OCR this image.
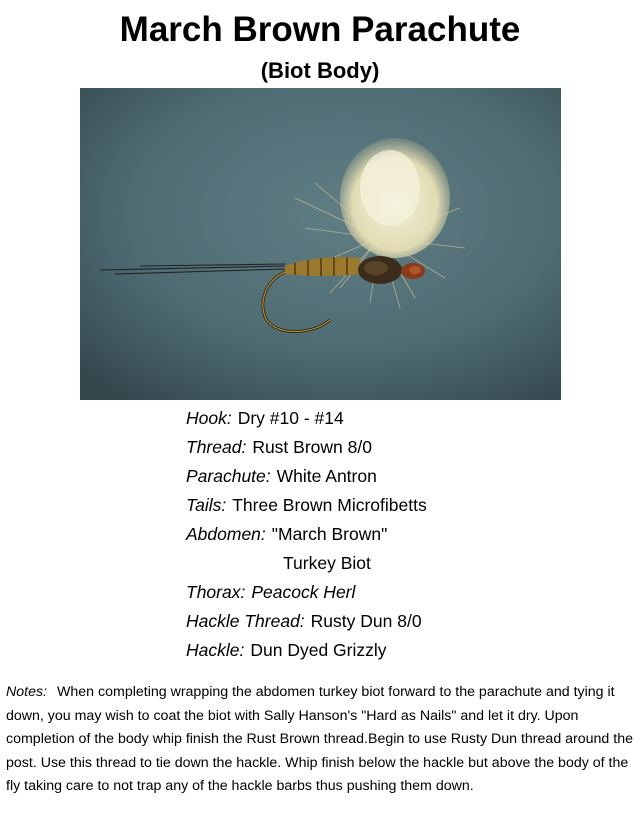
March Brown Parachute
(Biot Body)
Hook: Dry #10 - #14
Thread: Rust Brown 8/0
Parachute: White Antron
Tails: Three Brown Microfibetts
Abdomen: "March Brown"
Turkey Biot
Thorax: Peacock Herl
Hackle Thread: Rusty Dun 8/0
Hackle: Dun Dyed Grizzly
Notes: When completing wrapping the abdomen turkey biot forward to the parachute and tying it down, you may wish to coat the biot with Sally Hanson's "Hard as Nails" and let it dry. Upon completion of the body whip finish the Rust Brown thread.Begin to use Rusty Dun thread around the post. Use this thread to tie down the hackle. Whip finish below the hackle but above the body of the fly taking care to not trap any of the hackle barbs thus pushing them down.
